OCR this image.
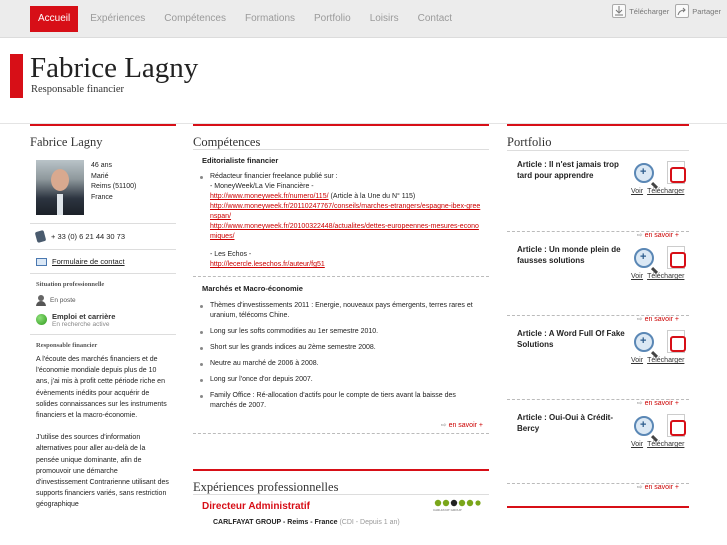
Accueil	Expériences	Compétences	Formations	Portfolio	Loisirs	Contact
Télécharger	Partager
Fabrice Lagny
Responsable financier
Fabrice Lagny
46 ans
Marié
Reims (51100)
France
+ 33 (0) 6 21 44 30 73
Formulaire de contact
Situation professionnelle
En poste
Emploi et carrière
En recherche active
Responsable financier

A l'écoute des marchés financiers et de l'économie mondiale depuis plus de 10 ans, j'ai mis à profit cette période riche en évènements inédits pour acquérir de solides connaissances sur les instruments financiers et la macro-économie.

J'utilise des sources d'information alternatives pour aller au-delà de la pensée unique dominante, afin de promouvoir une démarche d'investissement Contrarienne utilisant des supports financiers variés, sans restriction géographique

Compétences
Editorialiste financier
Rédacteur financier freelance publié sur :
- MoneyWeek/La Vie Financière -
http://www.moneyweek.fr/numero/115/ (Article à la Une du N° 115)
http://www.moneyweek.fr/20110247767/conseils/marches-etrangers/espagne-ibex-greenspan/
http://www.moneyweek.fr/20100322448/actualites/dettes-europeennes-mesures-economiques/
- Les Echos -
http://lecercle.lesechos.fr/auteur/fg51
Marchés et Macro-économie
Thèmes d'investissements 2011 : Energie, nouveaux pays émergents, terres rares et uranium, télécoms Chine.
Long sur les softs commodities au 1er semestre 2010.
Short sur les grands indices au 2ème semestre 2008.
Neutre au marché de 2006 à 2008.
Long sur l'once d'or depuis 2007.
Family Office : Ré-allocation d'actifs pour le compte de tiers avant la baisse des marchés de 2007.
⇨ en savoir +
Expériences professionnelles
Directeur Administratif	CARLFAYAT GROUP
CARLFAYAT GROUP - Reims - France (CDI - Depuis 1 an)
Portfolio
Article : Il n'est jamais trop tard pour apprendre	+
Voir Télécharger
⇨ en savoir +
Article : Un monde plein de fausses solutions	+
Voir Télécharger
⇨ en savoir +
Article : A Word Full Of Fake Solutions	+
Voir Télécharger
⇨ en savoir +
Article : Oui-Oui à Crédit-Bercy	+
Voir Télécharger
⇨ en savoir +
